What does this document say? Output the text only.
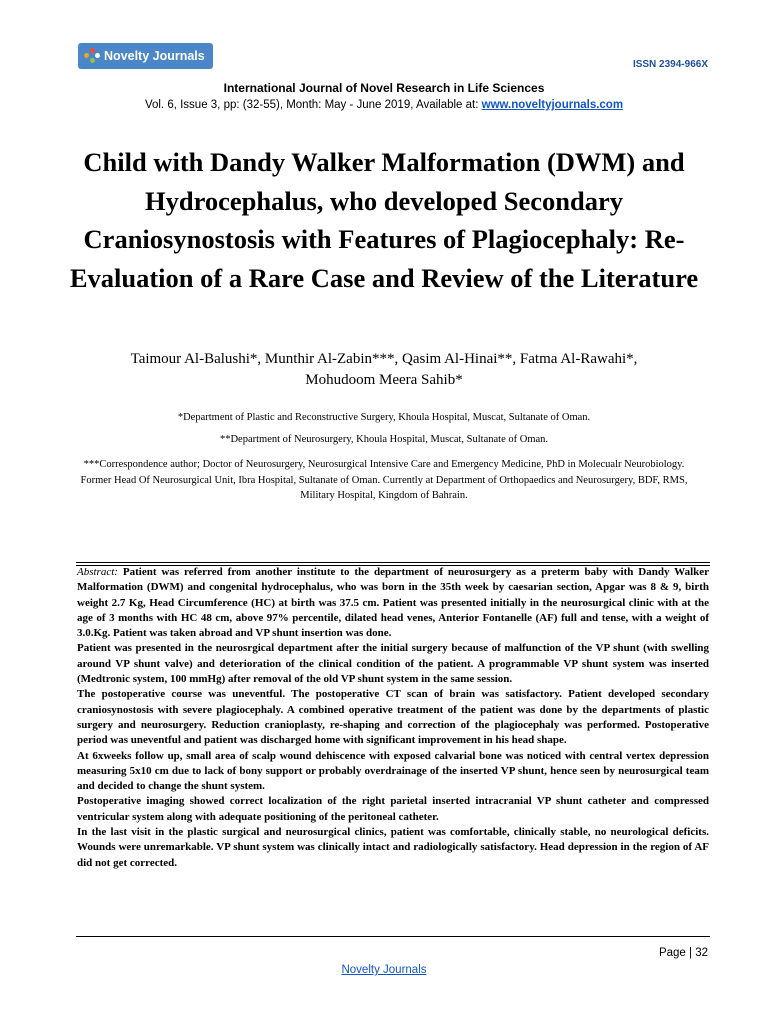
Novelty Journals
ISSN 2394-966X
International Journal of Novel Research in Life Sciences
Vol. 6, Issue 3, pp: (32-55), Month: May - June 2019, Available at: www.noveltyjournals.com
Child with Dandy Walker Malformation (DWM) and Hydrocephalus, who developed Secondary Craniosynostosis with Features of Plagiocephaly: Re-Evaluation of a Rare Case and Review of the Literature
Taimour Al-Balushi*, Munthir Al-Zabin***, Qasim Al-Hinai**, Fatma Al-Rawahi*,
Mohudoom Meera Sahib*
*Department of Plastic and Reconstructive Surgery, Khoula Hospital, Muscat, Sultanate of Oman.
**Department of Neurosurgery, Khoula Hospital, Muscat, Sultanate of Oman.
***Correspondence author; Doctor of Neurosurgery, Neurosurgical Intensive Care and Emergency Medicine, PhD in Molecualr Neurobiology. Former Head Of Neurosurgical Unit, Ibra Hospital, Sultanate of Oman. Currently at Department of Orthopaedics and Neurosurgery, BDF, RMS, Military Hospital, Kingdom of Bahrain.

Abstract: Patient was referred from another institute to the department of neurosurgery as a preterm baby with Dandy Walker Malformation (DWM) and congenital hydrocephalus, who was born in the 35th week by caesarian section, Apgar was 8 & 9, birth weight 2.7 Kg, Head Circumference (HC) at birth was 37.5 cm. Patient was presented initially in the neurosurgical clinic with at the age of 3 months with HC 48 cm, above 97% percentile, dilated head venes, Anterior Fontanelle (AF) full and tense, with a weight of 3.0.Kg. Patient was taken abroad and VP shunt insertion was done.

Patient was presented in the neurosrgical department after the initial surgery because of malfunction of the VP shunt (with swelling around VP shunt valve) and deterioration of the clinical condition of the patient. A programmable VP shunt system was inserted (Medtronic system, 100 mmHg) after removal of the old VP shunt system in the same session.

The postoperative course was uneventful. The postoperative CT scan of brain was satisfactory. Patient developed secondary craniosynostosis with severe plagiocephaly. A combined operative treatment of the patient was done by the departments of plastic surgery and neurosurgery. Reduction cranioplasty, re-shaping and correction of the plagiocephaly was performed. Postoperative period was uneventful and patient was discharged home with significant improvement in his head shape.

At 6xweeks follow up, small area of scalp wound dehiscence with exposed calvarial bone was noticed with central vertex depression measuring 5x10 cm due to lack of bony support or probably overdrainage of the inserted VP shunt, hence seen by neurosurgical team and decided to change the shunt system.

Postoperative imaging showed correct localization of the right parietal inserted intracranial VP shunt catheter and compressed ventricular system along with adequate positioning of the peritoneal catheter.

In the last visit in the plastic surgical and neurosurgical clinics, patient was comfortable, clinically stable, no neurological deficits. Wounds were unremarkable. VP shunt system was clinically intact and radiologically satisfactory. Head depression in the region of AF did not get corrected.

Page | 32
Novelty Journals
